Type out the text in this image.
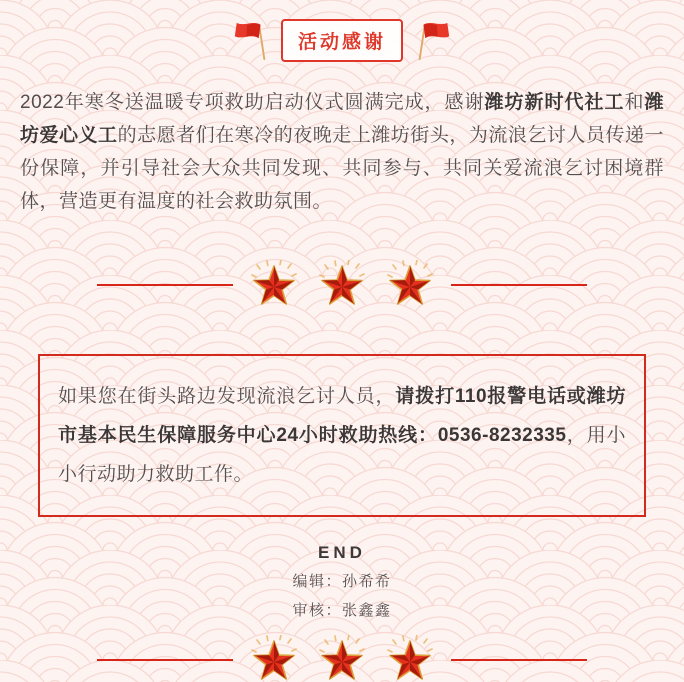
活动感谢

2022年寒冬送温暖专项救助启动仪式圆满完成，感谢潍坊新时代社工和潍坊爱心义工的志愿者们在寒冷的夜晚走上潍坊街头，为流浪乞讨人员传递一份保障，并引导社会大众共同发现、共同参与、共同关爱流浪乞讨困境群体，营造更有温度的社会救助氛围。

如果您在街头路边发现流浪乞讨人员，请拨打110报警电话或潍坊市基本民生保障服务中心24小时救助热线：0536-8232335，用小小行动助力救助工作。

END
编辑：孙希希
审核：张鑫鑫
